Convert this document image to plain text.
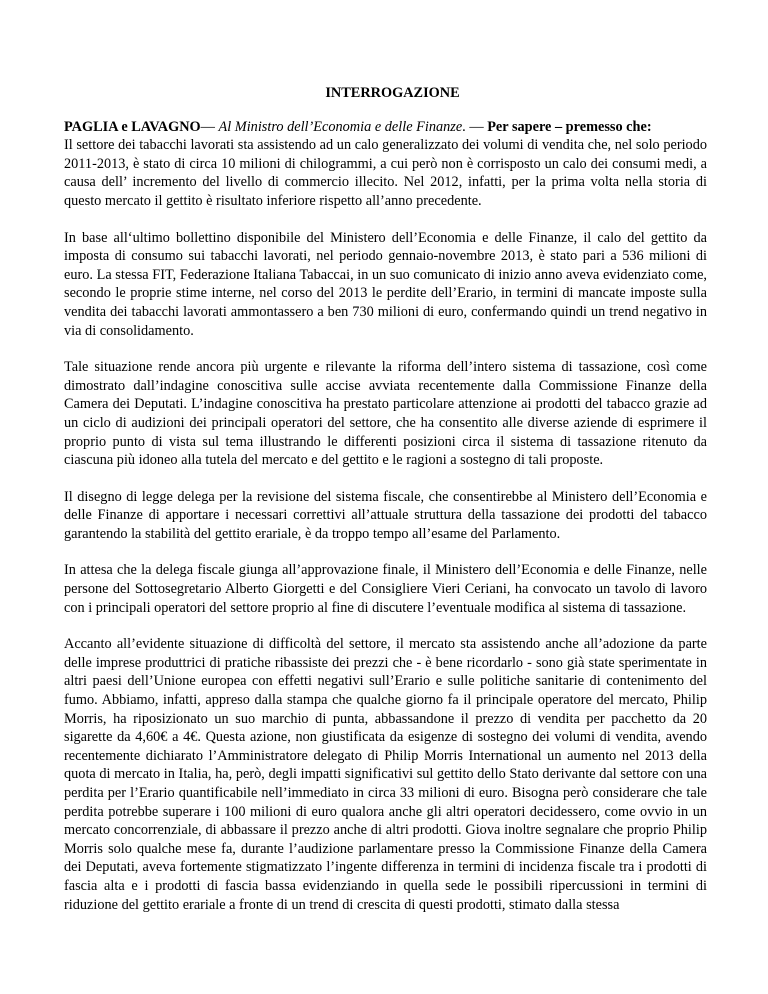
INTERROGAZIONE

PAGLIA e LAVAGNO— Al Ministro dell’Economia e delle Finanze. — Per sapere – premesso che:

Il settore dei tabacchi lavorati sta assistendo ad un calo generalizzato dei volumi di vendita che, nel solo periodo 2011-2013, è stato di circa 10 milioni di chilogrammi, a cui però non è corrisposto un calo dei consumi medi, a causa dell’ incremento del livello di commercio illecito. Nel 2012, infatti, per la prima volta nella storia di questo mercato il gettito è risultato inferiore rispetto all’anno precedente.

In base all‘ultimo bollettino disponibile del Ministero dell’Economia e delle Finanze, il calo del gettito da imposta di consumo sui tabacchi lavorati, nel periodo gennaio-novembre 2013, è stato pari a 536 milioni di euro. La stessa FIT, Federazione Italiana Tabaccai, in un suo comunicato di inizio anno aveva evidenziato come, secondo le proprie stime interne, nel corso del 2013 le perdite dell’Erario, in termini di mancate imposte sulla vendita dei tabacchi lavorati ammontassero a ben 730 milioni di euro, confermando quindi un trend negativo in via di consolidamento.

Tale situazione rende ancora più urgente e rilevante la riforma dell’intero sistema di tassazione, così come dimostrato dall’indagine conoscitiva sulle accise avviata recentemente dalla Commissione Finanze della Camera dei Deputati. L’indagine conoscitiva ha prestato particolare attenzione ai prodotti del tabacco grazie ad un ciclo di audizioni dei principali operatori del settore, che ha consentito alle diverse aziende di esprimere il proprio punto di vista sul tema illustrando le differenti posizioni circa il sistema di tassazione ritenuto da ciascuna più idoneo alla tutela del mercato e del gettito e le ragioni a sostegno di tali proposte.

Il disegno di legge delega per la revisione del sistema fiscale, che consentirebbe al Ministero dell’Economia e delle Finanze di apportare i necessari correttivi all’attuale struttura della tassazione dei prodotti del tabacco garantendo la stabilità del gettito erariale, è da troppo tempo all’esame del Parlamento.

In attesa che la delega fiscale giunga all’approvazione finale, il Ministero dell’Economia e delle Finanze, nelle persone del Sottosegretario Alberto Giorgetti e del Consigliere Vieri Ceriani, ha convocato un tavolo di lavoro con i principali operatori del settore proprio al fine di discutere l’eventuale modifica al sistema di tassazione.

Accanto all’evidente situazione di difficoltà del settore, il mercato sta assistendo anche all’adozione da parte delle imprese produttrici di pratiche ribassiste dei prezzi che - è bene ricordarlo - sono già state sperimentate in altri paesi dell’Unione europea con effetti negativi sull’Erario e sulle politiche sanitarie di contenimento del fumo. Abbiamo, infatti, appreso dalla stampa che qualche giorno fa il principale operatore del mercato, Philip Morris, ha riposizionato un suo marchio di punta, abbassandone il prezzo di vendita per pacchetto da 20 sigarette da 4,60€ a 4€. Questa azione, non giustificata da esigenze di sostegno dei volumi di vendita, avendo recentemente dichiarato l’Amministratore delegato di Philip Morris International un aumento nel 2013 della quota di mercato in Italia, ha, però, degli impatti significativi sul gettito dello Stato derivante dal settore con una perdita per l’Erario quantificabile nell’immediato in circa 33 milioni di euro. Bisogna però considerare che tale perdita potrebbe superare i 100 milioni di euro qualora anche gli altri operatori decidessero, come ovvio in un mercato concorrenziale, di abbassare il prezzo anche di altri prodotti. Giova inoltre segnalare che proprio Philip Morris solo qualche mese fa, durante l’audizione parlamentare presso la Commissione Finanze della Camera dei Deputati, aveva fortemente stigmatizzato l’ingente differenza in termini di incidenza fiscale tra i prodotti di fascia alta e i prodotti di fascia bassa evidenziando in quella sede le possibili ripercussioni in termini di riduzione del gettito erariale a fronte di un trend di crescita di questi prodotti, stimato dalla stessa
